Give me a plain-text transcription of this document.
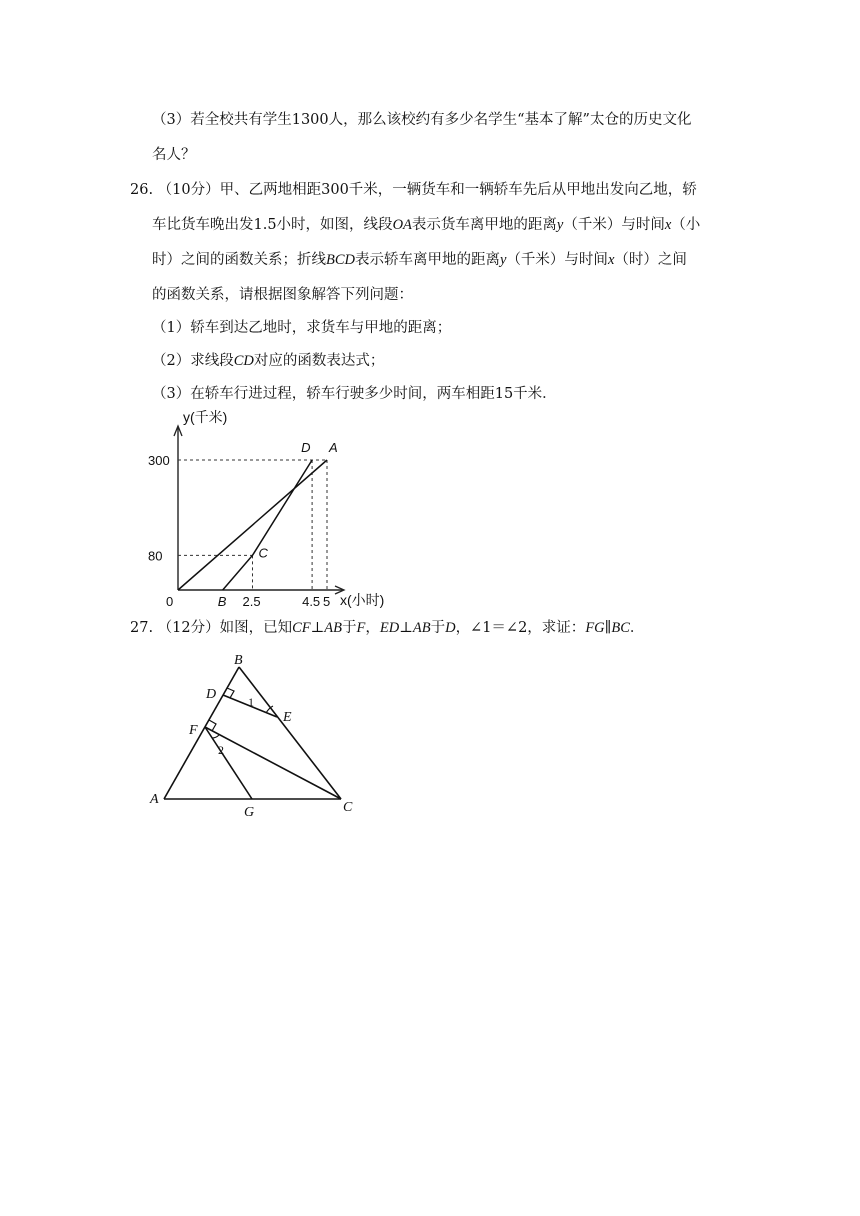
（3）若全校共有学生1300人，那么该校约有多少名学生“基本了解”太仓的历史文化
名人？
26. （10分）甲、乙两地相距300千米，一辆货车和一辆轿车先后从甲地出发向乙地，轿
车比货车晚出发1.5小时，如图，线段OA表示货车离甲地的距离y（千米）与时间x（小
时）之间的函数关系；折线BCD表示轿车离甲地的距离y（千米）与时间x（时）之间
的函数关系，请根据图象解答下列问题：
（1）轿车到达乙地时，求货车与甲地的距离；
（2）求线段CD对应的函数表达式；
（3）在轿车行进过程，轿车行驶多少时间，两车相距15千米．
y(千米)
x(小时)
0	B 2.5	4.5 5
80
300
D A
C
27. （12分）如图，已知CF⊥AB于F，ED⊥AB于D，∠1＝∠2，求证：FG∥BC．
B
D	1
E
F
2
A
G	C
